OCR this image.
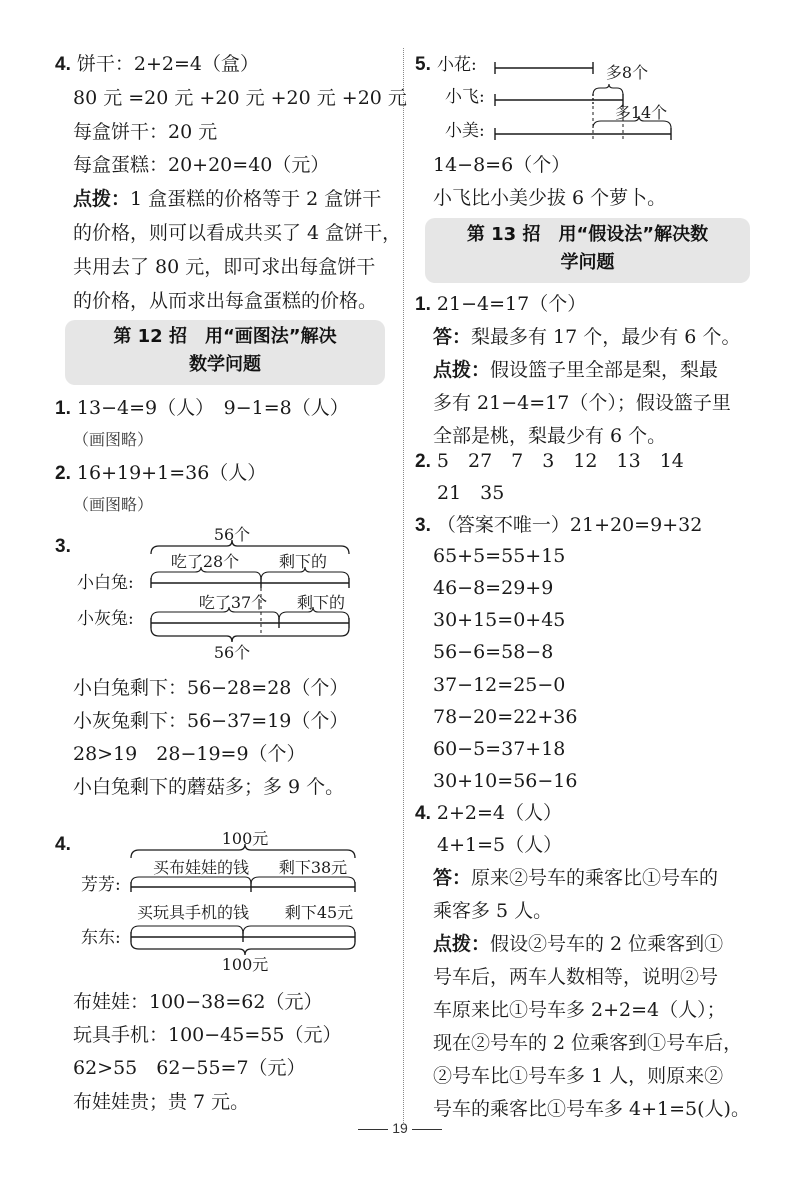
4. 饼干：2+2=4（盒）
80 元 =20 元 +20 元 +20 元 +20 元
每盒饼干：20 元
每盒蛋糕：20+20=40（元）
点拨：1 盒蛋糕的价格等于 2 盒饼干
的价格，则可以看成共买了 4 盒饼干，
共用去了 80 元，即可求出每盒饼干
的价格，从而求出每盒蛋糕的价格。
第 12 招　用“画图法”解决
数学问题
1. 13−4=9（人）　9−1=8（人）
（画图略）
2. 16+19+1=36（人）
（画图略）
3.
56个
吃了28个 剩下的
小白兔:
吃了37个 剩下的
小灰兔:
56个
小白兔剩下：56−28=28（个）
小灰兔剩下：56−37=19（个）
28>19　28−19=9（个）
小白兔剩下的蘑菇多；多 9 个。
4.	100元
买布娃娃的钱 剩下38元
芳芳:
买玩具手机的钱 剩下45元
东东:
100元
布娃娃：100−38=62（元）
玩具手机：100−45=55（元）
62>55　62−55=7（元）
布娃娃贵；贵 7 元。
5. 小花:	多8个
小飞:
多14个
小美:
14−8=6（个）
小飞比小美少拔 6 个萝卜。
第 13 招　用“假设法”解决数
学问题
1. 21−4=17（个）
答：梨最多有 17 个，最少有 6 个。
点拨：假设篮子里全部是梨，梨最
多有 21−4=17（个）；假设篮子里
全部是桃，梨最少有 6 个。
2. 5　27　7　3　12　13　14
21　35
3. （答案不唯一）21+20=9+32
65+5=55+15
46−8=29+9
30+15=0+45
56−6=58−8
37−12=25−0
78−20=22+36
60−5=37+18
30+10=56−16
4. 2+2=4（人）
4+1=5（人）
答：原来②号车的乘客比①号车的
乘客多 5 人。
点拨：假设②号车的 2 位乘客到①
号车后，两车人数相等，说明②号
车原来比①号车多 2+2=4（人）；
现在②号车的 2 位乘客到①号车后，
②号车比①号车多 1 人，则原来②
号车的乘客比①号车多 4+1=5(人)。
19
